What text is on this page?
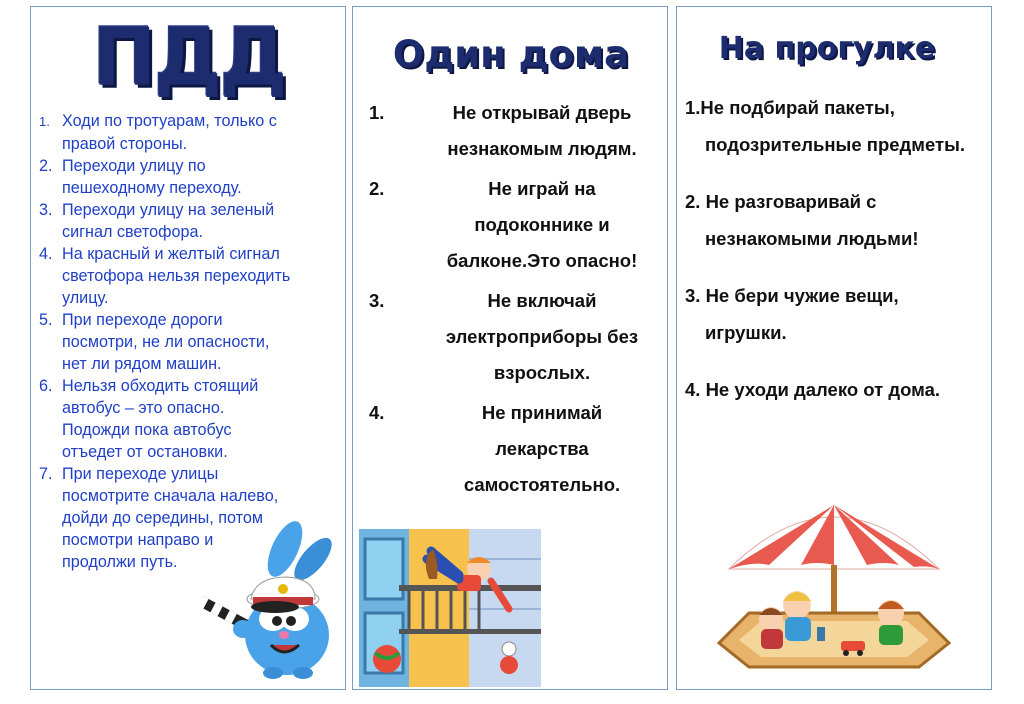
ПДД
1. Ходи по тротуарам, только с
правой стороны.
2. Переходи улицу по
пешеходному переходу.
3. Переходи улицу на зеленый
сигнал светофора.
4. На красный и желтый сигнал
светофора нельзя переходить
улицу.
5. При переходе дороги
посмотри, не ли опасности,
нет ли рядом машин.
6. Нельзя обходить стоящий
автобус – это опасно.
Подожди пока автобус
отъедет от остановки.
7. При переходе улицы
посмотрите сначала налево,
дойди до середины, потом
посмотри направо и
продолжи путь.
Один дома
1.	Не открывай дверь
незнакомым людям.
2.	Не играй на
подоконнике и
балконе.Это опасно!
3.	Не включай
электроприборы без
взрослых.
4.	Не принимай
лекарства
самостоятельно.
На прогулке
1.Не подбирай пакеты,
подозрительные предметы.
2. Не разговаривай с
незнакомыми людьми!
3. Не бери чужие вещи,
игрушки.
4. Не уходи далеко от дома.
